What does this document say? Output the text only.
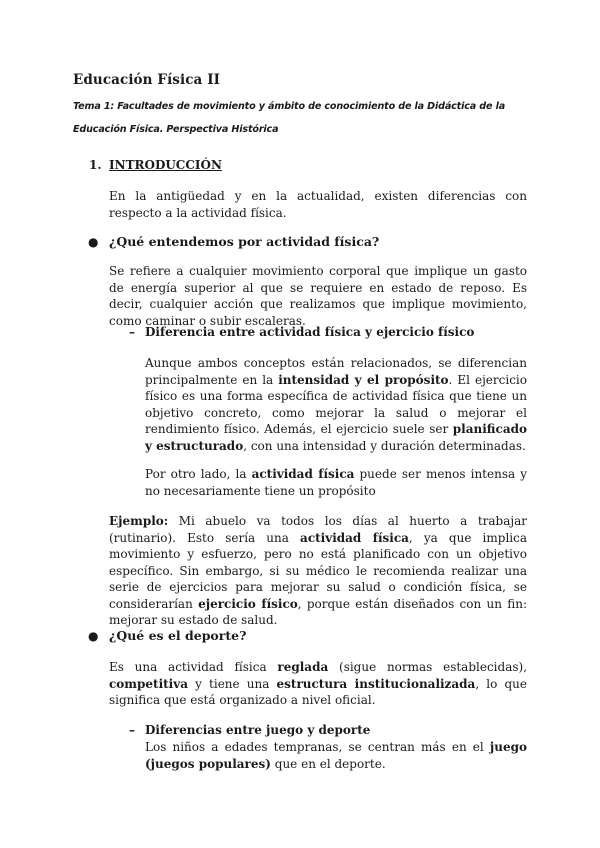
Educación Física II
Tema 1: Facultades de movimiento y ámbito de conocimiento de la Didáctica de la Educación Física. Perspectiva Histórica
1. INTRODUCCIÓN
En la antigüedad y en la actualidad, existen diferencias con respecto a la actividad física.
● ¿Qué entendemos por actividad física?
Se refiere a cualquier movimiento corporal que implique un gasto de energía superior al que se requiere en estado de reposo. Es decir, cualquier acción que realizamos que implique movimiento, como caminar o subir escaleras.
– Diferencia entre actividad física y ejercicio físico
Aunque ambos conceptos están relacionados, se diferencian principalmente en la intensidad y el propósito. El ejercicio físico es una forma específica de actividad física que tiene un objetivo concreto, como mejorar la salud o mejorar el rendimiento físico. Además, el ejercicio suele ser planificado y estructurado, con una intensidad y duración determinadas.
Por otro lado, la actividad física puede ser menos intensa y no necesariamente tiene un propósito
Ejemplo: Mi abuelo va todos los días al huerto a trabajar (rutinario). Esto sería una actividad física, ya que implica movimiento y esfuerzo, pero no está planificado con un objetivo específico. Sin embargo, si su médico le recomienda realizar una serie de ejercicios para mejorar su salud o condición física, se considerarían ejercicio físico, porque están diseñados con un fin: mejorar su estado de salud.
● ¿Qué es el deporte?
Es una actividad física reglada (sigue normas establecidas), competitiva y tiene una estructura institucionalizada, lo que significa que está organizado a nivel oficial.
– Diferencias entre juego y deporte
Los niños a edades tempranas, se centran más en el juego (juegos populares) que en el deporte.
